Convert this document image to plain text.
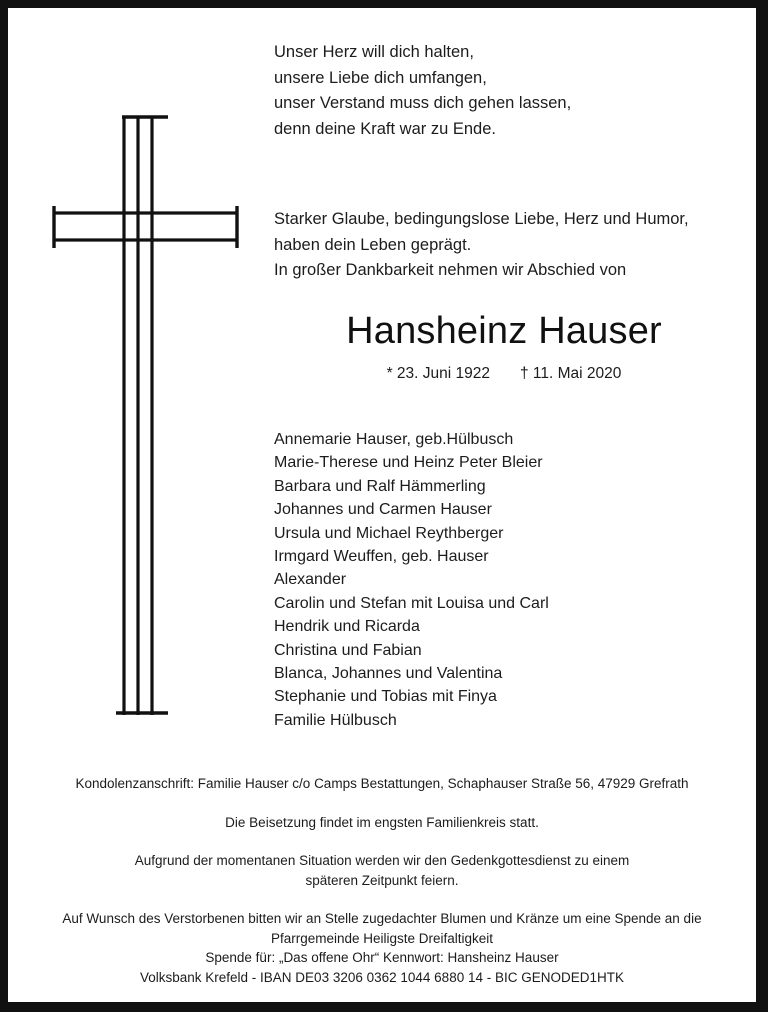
Unser Herz will dich halten,
unsere Liebe dich umfangen,
unser Verstand muss dich gehen lassen,
denn deine Kraft war zu Ende.
Starker Glaube, bedingungslose Liebe, Herz und Humor,
haben dein Leben geprägt.
In großer Dankbarkeit nehmen wir Abschied von
Hansheinz Hauser
* 23. Juni 1922 † 11. Mai 2020
Annemarie Hauser, geb.Hülbusch
Marie-Therese und Heinz Peter Bleier
Barbara und Ralf Hämmerling
Johannes und Carmen Hauser
Ursula und Michael Reythberger
Irmgard Weuffen, geb. Hauser
Alexander
Carolin und Stefan mit Louisa und Carl
Hendrik und Ricarda
Christina und Fabian
Blanca, Johannes und Valentina
Stephanie und Tobias mit Finya
Familie Hülbusch
Kondolenzanschrift: Familie Hauser c/o Camps Bestattungen, Schaphauser Straße 56, 47929 Grefrath
Die Beisetzung findet im engsten Familienkreis statt.
Aufgrund der momentanen Situation werden wir den Gedenkgottesdienst zu einem
späteren Zeitpunkt feiern.
Auf Wunsch des Verstorbenen bitten wir an Stelle zugedachter Blumen und Kränze um eine Spende an die
Pfarrgemeinde Heiligste Dreifaltigkeit
Spende für: „Das offene Ohr“ Kennwort: Hansheinz Hauser
Volksbank Krefeld - IBAN DE03 3206 0362 1044 6880 14 - BIC GENODED1HTK
